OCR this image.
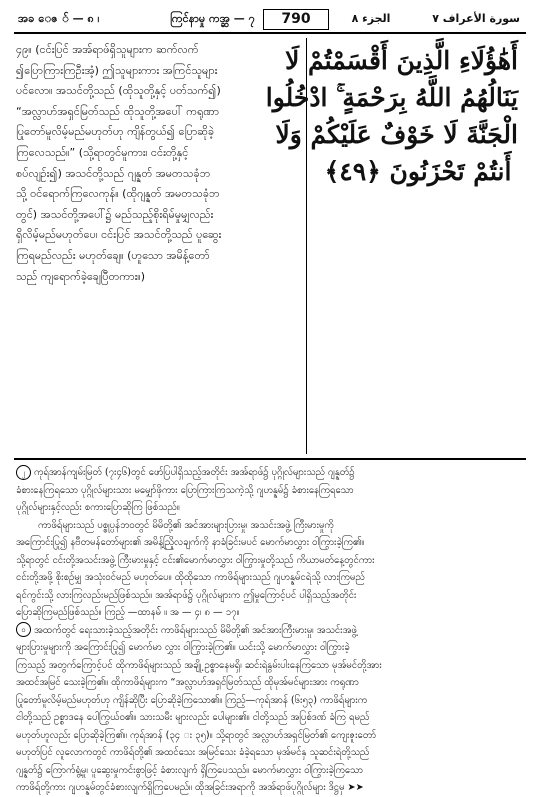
အခ ေဇ ် — ၈ ၊	ကြင်နာမှု ကအ္ဆ — ၇	790	الجزء ٨	سورة الأعراف ٧
၄၉။ (ငင်းပြင် အအ်ရာဖ်ရှိသူများက ဆက်လက်
၍ပြောကြားကြဦးအံ့) ဤသူများကား အကြင်သူများ
ပင်လော။ အသင်တို့သည် (ထိုသူတို့နှင့် ပတ်သက်၍)
“အလ္လာဟ်အရှင်မြတ်သည် ထိုသူတို့အပေါ် ကရုဏာ
ပြုတော်မူလိမ့်မည်မဟုတ်ဟု ကျိန်တွယ်၍ ပြောဆိုခဲ့
ကြလေသည်။” (သို့ရာတွင်မူကား၊ ငင်းတို့နှင့်
စပ်လျဉ်း၍) အသင်တို့သည် ဂျန္နတ် အမတသခုံဘ
သို့ ဝင်ရောက်ကြလေကုန်။ (ထိုဂျန္နတ် အမတသခုံဘ
တွင်) အသင်တို့အပေါ်၌ မည်သည့်စိုးရိမ်မှုမျှလည်း
ရှိလိမ့်မည်မဟုတ်ပေ၊ ငင်းပြင် အသင်တို့သည် ပူဆွေး
ကြရမည်လည်း မဟုတ်ချေ။ (ဟူသော အမိန့်တော်
သည် ကျရောက်ခဲ့ချေပြီတကား။)
أَهَٰؤُلَاءِ الَّذِينَ أَقْسَمْتُمْ لَا
يَنَالُهُمُ اللَّهُ بِرَحْمَةٍ ۚ ادْخُلُوا
الْجَنَّةَ لَا خَوْفٌ عَلَيْكُمْ وَلَا
أَنتُمْ تَحْزَنُونَ ﴿٤٩﴾
၂ ကုရ်အာန်ကျမ်းမြတ် (၇း၄၆)တွင် ဖော်ပြပါရှိသည့်အတိုင်း အအ်ရာဖ်၌ ပုဂ္ဂိုလ်များသည် ဂျန္နတ်၌
ခံစားနေကြရသော ပုဂ္ဂိုလ်များသား မမျှော်ဖိုကား ပြောကြားကြသကဲ့သို့ ဂျဟန္နမ်၌ ခံစားနေကြရသော
ပုဂ္ဂိုလ်များနှင့်လည်း စကားပြောဆိုကြ ဖြစ်သည်။
ကာဖိရ်များသည် ပစ္စုပ္ပန်ဘဝတွင် မိမိတို့၏ အင်အားများပြားမှု၊ အသင်းအဖွဲ့ ကြီးမားမှုကို
အကြောင်းပြု၍ နဗီတမန်တော်များ၏ အမိန့်ညြိုလချက်ကို နာခံခြင်းမပင် မောက်မာလွှား ဝါကြွားခဲ့ကြ၏။
သို့ရာတွင် ငင်းတို့အသင်းအဖွဲ့ ကြီးမားမှုနှင့် ငင်း၏မောက်မာလွှား ဝါကြွားမှုတို့သည် ကိယာမတ်နေ့တွင်ကား
ငင်းတို့အဖို့ စိုးစဉ်မျှ အသုံးဝင်မည် မဟုတ်ပေ။ ထိုထိုသော ကာဖိရ်များသည် ဂျဟန္နမ်ငရဲသို့ လားကြမည်
ရင်ကွင်းသို့ လားကြလည်းမည်ဖြစ်သည်။ အအ်ရာဖ်၌ ပုဂ္ဂိုလ်များက ဤမှုကြောင့်ပင် ပါရှိသည့်အတိုင်း
ပြောဆိုကြမည်ဖြစ်သည်။ ကြည့် —ထာနမ်် ။ အ — ၄၊ ၈ — ၁၇။
၀ အထက်တွင် ရေးသားခဲ့သည့်အတိုင်း ကာဖိရ်များသည် မိမိတို့၏ အင်အားကြီးမားမှု၊ အသင်းအဖွဲ့
များပြားမှုများကို အကြောင်းပြု၍ မောက်မာ လွှား ဝါကြွားခဲ့ကြ၏။ ယင်းသို့ မောက်မာလွှား ဝါကြွားခဲ့
ကြသည့် အတွက်ကြောင့်ပင် ထိုကာဖိရ်များသည် အချို့ ဥစ္စာနေမရှိ၊ ဆင်းရဲနွမ်းပါးနေကြသော မုအ်မင်တို့အား
အထင်အမြင် သေးခဲ့ကြ၏။ ထိုကာဖိရ်များက “အလ္လာဟ်အရှင်မြတ်သည် ထိုမုအ်မင်များအား ကရုဏာ
ပြုတော်မူလိမ့်မည်မဟုတ်ဟု ကျိန်ဆိုပြီး ပြောဆိုခဲ့ကြသော၏။ ကြည့်—ကုရ်အာန် (၆း၅၃) ကာဖိရ်များက
ငါတို့သည် ဥစ္စာဒနေ ပေါကြွယ်ဝ၏။ သားသမီး များလည်း ပေါများ၏။ ငါတို့သည် အပြစ်ဒဏ် ခံကြ ရမည်
မဟုတ်ဟူလည်း ပြောဆိုခဲ့ကြ၏။ ကုရ်အာန် (၃၄ း ၃၅)။ သို့ရာတွင် အလ္လာဟ်အရှင်မြတ်၏ ကျေးဇူးတော်
မဟုတ်ပြင် လူလောကတွင် ကာဖိရ်တို့၏ အထင်သေး အမြင်သေး ခံခဲ့ရသော မုအ်မင်နှ သူဆင်းရဲတို့သည်
ဂျန္နတ်၌ ကြောက်ရွံ့မှု၊ ပူဆွေးမှုကင်းစွာဖြင့် ခံစားလျက် ရှိကြပေသည်။ မောက်မာလွှား ဝါကြွားခဲ့ကြသော
ကာဖိရ်တို့ကား ဂျဟန္နမ်တွင်ခံစားလျက်ရှိကြပေမည်။ ထိုအခြင်းအရာကို အအ်ရာဖ်ပုဂ္ဂိုလ်များ ဒိဋ္ဌမှ ➤➤
